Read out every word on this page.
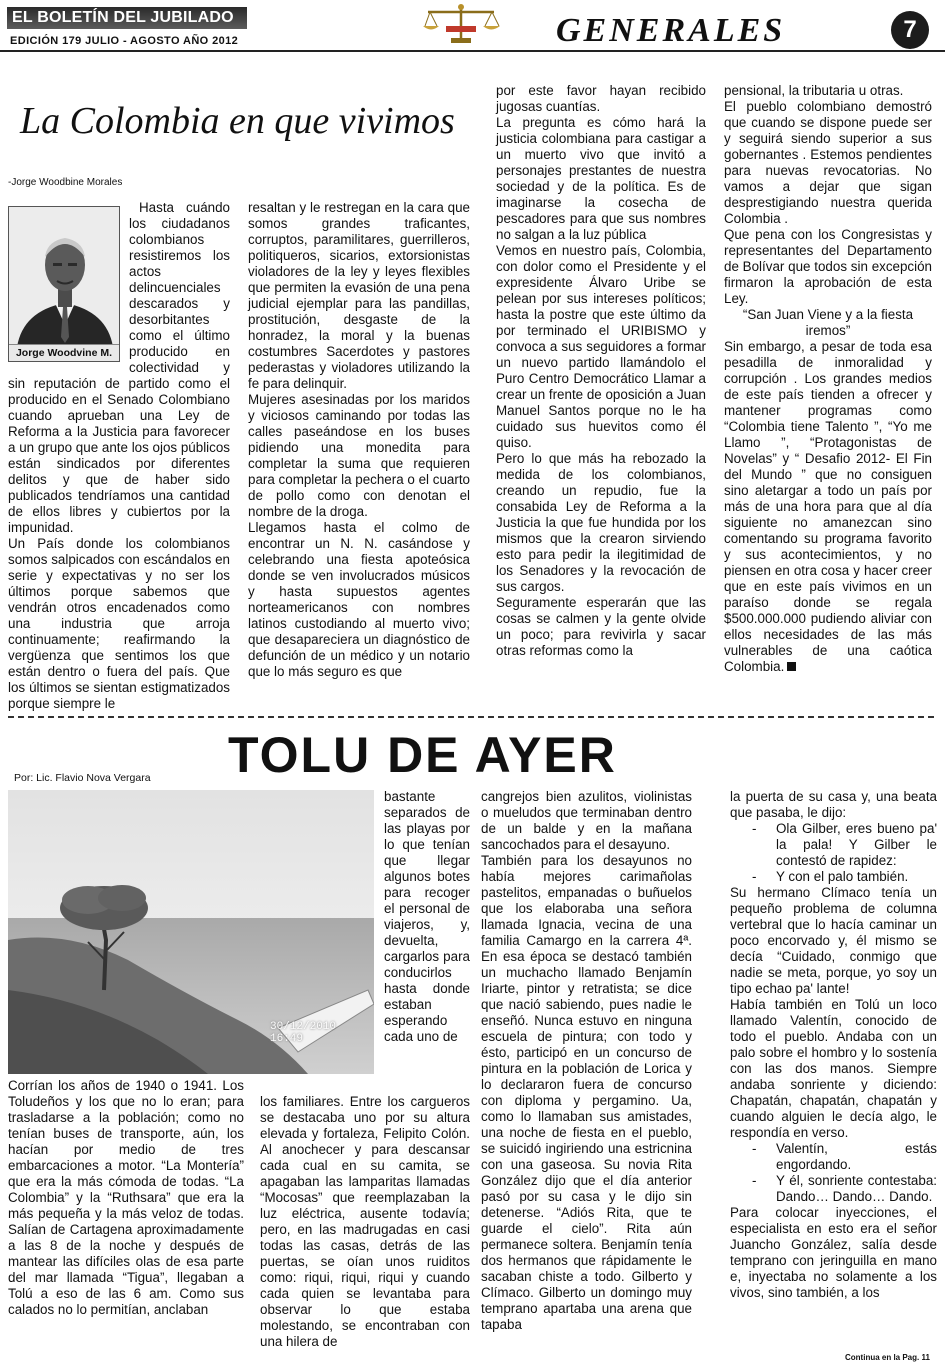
EL BOLETÍN DEL JUBILADO
EDICIÓN 179 JULIO - AGOSTO AÑO 2012	GENERALES	7
La Colombia en que vivimos
-Jorge Woodbine Morales
Jorge Woodvine M.

Hasta cuándo los ciudadanos colombianos resistiremos los actos delincuenciales descarados y desorbitantes como el último producido en colectividad y sin reputación de partido como el producido en el Senado Colombiano cuando aprueban una Ley de Reforma a la Justicia para favorecer a un grupo que ante los ojos públicos están sindicados por diferentes delitos y que de haber sido publicados tendríamos una cantidad de ellos libres y cubiertos por la impunidad.

Un País donde los colombianos somos salpicados con escándalos en serie y expectativas y no ser los últimos porque sabemos que vendrán otros encadenados como una industria que arroja continuamente; reafirmando la vergüenza que sentimos los que están dentro o fuera del país. Que los últimos se sientan estigmatizados porque siempre le

resaltan y le restregan en la cara que somos grandes traficantes, corruptos, paramilitares, guerrilleros, politiqueros, sicarios, extorsionistas violadores de la ley y leyes flexibles que permiten la evasión de una pena judicial ejemplar para las pandillas, prostitución, desgaste de la honradez, la moral y la buenas costumbres Sacerdotes y pastores pederastas y violadores utilizando la fe para delinquir.

Mujeres asesinadas por los maridos y viciosos caminando por todas las calles paseándose en los buses pidiendo una monedita para completar la suma que requieren para completar la pechera o el cuarto de pollo como con denotan el nombre de la droga.

Llegamos hasta el colmo de encontrar un N. N. casándose y celebrando una fiesta apoteósica donde se ven involucrados músicos y hasta supuestos agentes norteamericanos con nombres latinos custodiando al muerto vivo; que desapareciera un diagnóstico de defunción de un médico y un notario que lo más seguro es que

por este favor hayan recibido jugosas cuantías.

La pregunta es cómo hará la justicia colombiana para castigar a un muerto vivo que invitó a personajes prestantes de nuestra sociedad y de la política. Es de imaginarse la cosecha de pescadores para que sus nombres no salgan a la luz pública

Vemos en nuestro país, Colombia, con dolor como el Presidente y el expresidente Álvaro Uribe se pelean por sus intereses políticos; hasta la postre que este último da por terminado el URIBISMO y convoca a sus seguidores a formar un nuevo partido llamándolo el Puro Centro Democrático Llamar a crear un frente de oposición a Juan Manuel Santos porque no le ha cuidado sus huevitos como él quiso.

Pero lo que más ha rebozado la medida de los colombianos, creando un repudio, fue la consabida Ley de Reforma a la Justicia la que fue hundida por los mismos que la crearon sirviendo esto para pedir la ilegitimidad de los Senadores y la revocación de sus cargos.

Seguramente esperarán que las cosas se calmen y la gente olvide un poco; para revivirla y sacar otras reformas como la

pensional, la tributaria u otras.

El pueblo colombiano demostró que cuando se dispone puede ser y seguirá siendo superior a sus gobernantes . Estemos pendientes para nuevas revocatorias. No vamos a dejar que sigan desprestigiando nuestra querida Colombia .

Que pena con los Congresistas y representantes del Departamento de Bolívar que todos sin excepción firmaron la aprobación de esta Ley.

“San Juan Viene y a la fiesta iremos”

Sin embargo, a pesar de toda esa pesadilla de inmoralidad y corrupción . Los grandes medios de este país tienden a ofrecer y mantener programas como “Colombia tiene Talento ”, “Yo me Llamo ”, “Protagonistas de Novelas” y “ Desafio 2012- El Fin del Mundo ” que no consiguen sino aletargar a todo un país por más de una hora para que al día siguiente no amanezcan sino comentando su programa favorito y sus acontecimientos, y no piensen en otra cosa y hacer creer que en este país vivimos en un paraíso donde se regala $500.000.000 pudiendo aliviar con ellos necesidades de las más vulnerables de una caótica Colombia.

TOLU DE AYER
Por: Lic. Flavio Nova Vergara
30/12/2010 16:49

Corrían los años de 1940 o 1941. Los Toludeños y los que no lo eran; para trasladarse a la población; como no tenían buses de transporte, aún, los hacían por medio de tres embarcaciones a motor. “La Montería” que era la más cómoda de todas. “La Colombia” y la “Ruthsara” que era la más pequeña y la más veloz de todas. Salían de Cartagena aproximadamente a las 8 de la noche y después de mantear las difíciles olas de esa parte del mar llamada “Tigua”, llegaban a Tolú a eso de las 6 am. Como sus calados no lo permitían, anclaban

bastante separados de las playas por lo que tenían que llegar algunos botes para recoger el personal de viajeros, y, devuelta, cargarlos para conducirlos hasta donde estaban esperando cada uno de

los familiares. Entre los cargueros se destacaba uno por su altura elevada y fortaleza, Felipito Colón. Al anochecer y para descansar cada cual en su camita, se apagaban las lamparitas llamadas “Mocosas” que reemplazaban la luz eléctrica, ausente todavía; pero, en las madrugadas en casi todas las casas, detrás de las puertas, se oían unos ruiditos como: riqui, riqui, riqui y cuando cada quien se levantaba para observar lo que estaba molestando, se encontraban con una hilera de

cangrejos bien azulitos, violinistas o mueludos que terminaban dentro de un balde y en la mañana sancochados para el desayuno.

También para los desayunos no había mejores carimañolas pastelitos, empanadas o buñuelos que los elaboraba una señora llamada Ignacia, vecina de una familia Camargo en la carrera 4ª. En esa época se destacó también un muchacho llamado Benjamín Iriarte, pintor y retratista; se dice que nació sabiendo, pues nadie le enseñó. Nunca estuvo en ninguna escuela de pintura; con todo y ésto, participó en un concurso de pintura en la población de Lorica y lo declararon fuera de concurso con diploma y pergamino. Ua, como lo llamaban sus amistades, una noche de fiesta en el pueblo, se suicidó ingiriendo una estricnina con una gaseosa. Su novia Rita González dijo que el día anterior pasó por su casa y le dijo sin detenerse. “Adiós Rita, que te guarde el cielo”. Rita aún permanece soltera. Benjamín tenía dos hermanos que rápidamente le sacaban chiste a todo. Gilberto y Clímaco. Gilberto un domingo muy temprano apartaba una arena que tapaba

la puerta de su casa y, una beata que pasaba, le dijo:

- Ola Gilber, eres bueno pa' la pala! Y Gilber le contestó de rapidez:
- Y con el palo también.

Su hermano Clímaco tenía un pequeño problema de columna vertebral que lo hacía caminar un poco encorvado y, él mismo se decía “Cuidado, conmigo que nadie se meta, porque, yo soy un tipo echao pa' lante!

Había también en Tolú un loco llamado Valentín, conocido de todo el pueblo. Andaba con un palo sobre el hombro y lo sostenía con las dos manos. Siempre andaba sonriente y diciendo: Chapatán, chapatán, chapatán y cuando alguien le decía algo, le respondía en verso.

- Valentín, estás engordando.
- Y él, sonriente contestaba: Dando… Dando… Dando.

Para colocar inyecciones, el especialista en esto era el señor Juancho González, salía desde temprano con jeringuilla en mano e, inyectaba no solamente a los vivos, sino también, a los

Continua en la Pag. 11
